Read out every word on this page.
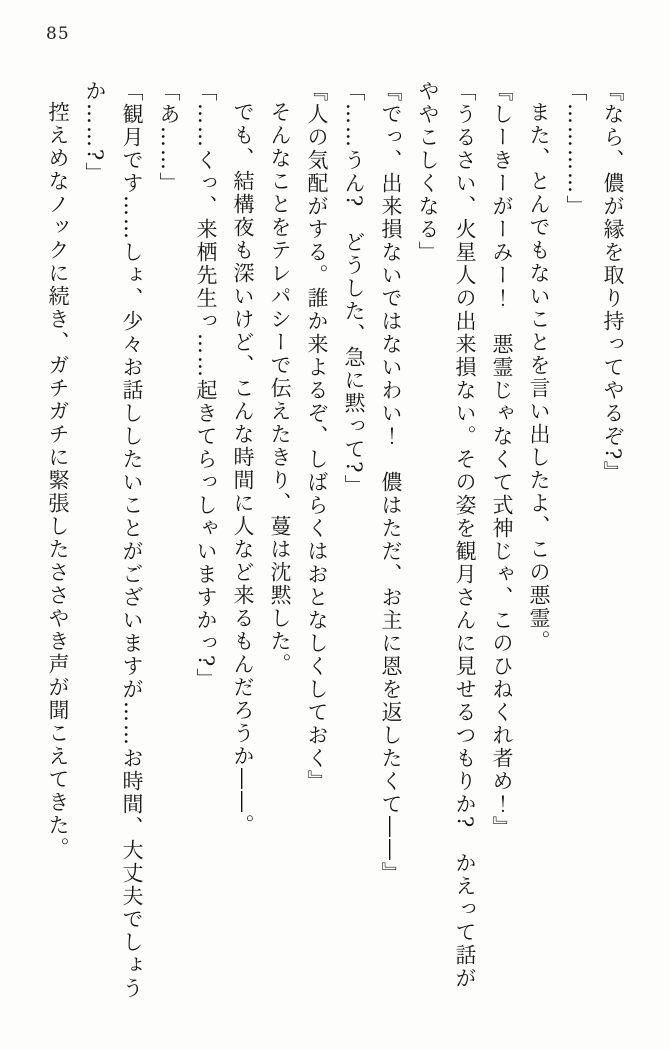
85

『なら、儂が縁を取り持ってやるぞ?』

「…………」

また、とんでもないことを言い出したよ、この悪霊。

『しーきーがーみー！　悪霊じゃなくて式神じゃ、このひねくれ者め！』

「うるさい、火星人の出来損ない。その姿を観月さんに見せるつもりか?　かえって話がややこしくなる」

『でっ、出来損ないではないわい！　儂はただ、お主に恩を返したくて――』

「……うん?　どうした、急に黙って?」

『人の気配がする。誰か来よるぞ、しばらくはおとなしくしておく』

そんなことをテレパシーで伝えたきり、蔓は沈黙した。

でも、結構夜も深いけど、こんな時間に人など来るもんだろうか――。

「……くっ、来栖先生っ……起きてらっしゃいますかっ?」

「あ……」

「観月です……しょ、少々お話ししたいことがございますが……お時間、大丈夫でしょうか……?」

控えめなノックに続き、ガチガチに緊張したささやき声が聞こえてきた。
